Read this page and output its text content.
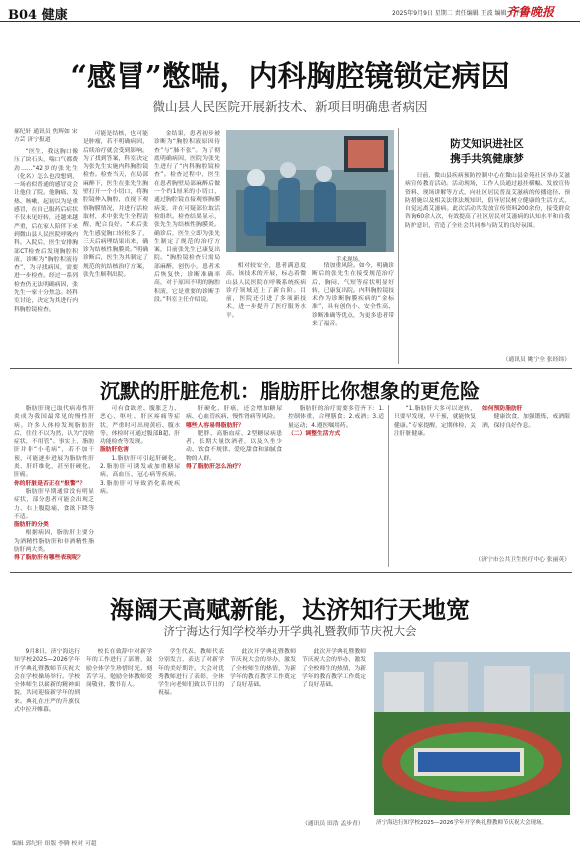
B04 健康	2025年9月9日 星期二 责任编辑 王波 编辑 王子涵
齐鲁晚报
“感冒”憋喘，内科胸腔镜锁定病因
微山县人民医院开展新技术、新项目明确患者病因
郝纪轩 通讯员 焦辉如 宋方芸 济宁报道

“医生，我这胸口像压了块石头，喘口气都费劲……”42岁的张先生（化名）怎么也没想到，一场看似普通的感冒竟会让他住了院。他胸痛、发热、咳嗽，起初以为是重感冒，在自己服药后症状不仅未见好转，还越来越严重，后在家人陪伴下来到微山县人民医院呼吸内科。入院后，医生安排胸部CT检查后发现胸腔积液，诊断为“胸腔积液待查”，为寻找病因，需要进一步检查。经过一系列检查仍无法明确病因，张先生一家十分焦急。经科室讨论，决定为其进行内科胸腔镜检查。

可能是结核，也可能是肿瘤，若不明确病因，后续治疗就会受到影响。为了找到答案，科室决定为张先生实施内科胸腔镜检查。检查当天，在局部麻醉下，医生在张先生胸壁打开一个小切口，将胸腔镜伸入胸腔，直视下观察胸膜情况，并进行活检取材，术中张先生全程清醒，配合良好。“术后张先生感觉胸口轻松多了，三天后病理结果出来，确诊为结核性胸膜炎。”明确诊断后，医生为其制定了规范的抗结核治疗方案，张先生顺利出院。

金结果，患者初步被诊断为“胸腔积液原因待查”与“肺不张”。为了彻底明确病因，医院为张先生进行了“内科胸腔镜检查”。检查过程中，医生在患者胸壁局部麻醉后做一个约1厘米的小切口，通过胸腔镜直接观察胸膜病变，并在可疑部位取活检组织。检查结果显示，张先生为结核性胸膜炎。确诊后，医生立即为张先生制定了规范的治疗方案，目前张先生已康复出院。“胸腔镜检查只需局部麻醉，创伤小，患者术后恢复快，诊断准确率高，对于原因不明的胸腔积液，它是重要的诊断手段。”科室主任介绍说。

手术现场。

相对较安全，患者满意度高。该技术的开展，标志着微山县人民医院在呼吸系统疾病诊疗领域迈上了新台阶。目前，医院还引进了多项新技术，进一步提升了医疗服务水平。

情加重风险。如今，明确诊断后的张先生在接受规范治疗后，胸闷、气短等症状明显好转，已康复出院。内科胸腔镜技术作为诊断胸膜疾病的“金标准”，具有创伤小、安全性高、诊断准确等优点，为更多患者带来了福音。

防艾知识进社区
携手共筑健康梦

日前，微山县疾病预防控制中心在微山县金苑社区举办艾滋病宣传教育活动。活动现场，工作人员通过悬挂横幅、发放宣传资料、现场讲解等方式，向社区居民普及艾滋病的传播途径、预防措施以及相关法律法规知识，倡导居民树立健康的生活方式，自觉远离艾滋病。此次活动共发放宣传资料200余份，接受群众咨询60余人次，有效提高了社区居民对艾滋病的认知水平和自我防护意识，营造了全社会共同参与防艾的良好氛围。

（通讯员 姚宁全 张经纬）
沉默的肝脏危机：脂肪肝比你想象的更危险

脂肪肝现已取代病毒性肝炎成为我国最常见的慢性肝病。许多人体检发现脂肪肝后，往往不以为然，认为“没啥症状，不用管”。事实上，脂肪肝并非“小毛病”，若不加干预，可能逐步进展为脂肪性肝炎、肝纤维化，甚至肝硬化、肝癌。

你的肝脏是否正在“报警”？

脂肪肝早期通常没有明显症状，部分患者可能会出现乏力、右上腹隐痛、食欲下降等不适。

脂肪肝的分类

根据病因，脂肪肝主要分为酒精性脂肪肝和非酒精性脂肪肝两大类。

得了脂肪肝有哪些表现呢？

可有食欲差、腹胀乏力、恶心、呕吐、肝区疼痛等症状，严重时可出现黄疸、腹水等。体检时可通过腹部B超、肝功能检查等发现。

脂肪肝危害

1.脂肪肝可引起肝硬化。2.脂肪肝可诱发或加重糖尿病、高血压、冠心病等疾病。3.脂肪肝可导致消化系统疾病。

肝硬化、肝癌，还会增加糖尿病、心血管疾病、慢性肾病等风险。

哪些人容易得脂肪肝？

肥胖、高脂血症、2型糖尿病患者，长期大量饮酒者，以及久坐少动、饮食不规律、爱吃甜食和油腻食物的人群。

得了脂肪肝怎么治疗？

脂肪肝的治疗需要多管齐下：1.控制体重，合理膳食；2.戒酒；3.适量运动；4.遵医嘱用药。

（二）调整生活方式

“1.脂肪肝大多可以逆转，只要早发现、早干预，就能恢复健康。”专家提醒，定期体检，关注肝脏健康。

如何预防脂肪肝

健康饮食，加强锻炼，戒酒限酒，保持良好作息。

（济宁市公共卫生医疗中心 张丽英）
海阔天高赋新能，达济知行天地宽
济宁海达行知学校举办开学典礼暨教师节庆祝大会

9月8日，济宁海达行知学校2025—2026学年开学典礼暨教师节庆祝大会在学校操场举行。学校全体师生以崭新的精神面貌，共同迎接新学年的到来。典礼在庄严的升旗仪式中拉开帷幕。

校长在致辞中对新学年的工作进行了部署，鼓励全体学生珍惜时光、刻苦学习，勉励全体教师爱岗敬业、教书育人。

学生代表、教师代表分别发言，表达了对新学年的美好期许。大会对优秀教师进行了表彰，全体学生向老师们致以节日的祝福。

此次开学典礼暨教师节庆祝大会的举办，激发了全校师生的热情，为新学年的教育教学工作奠定了良好基础。

此次开学典礼暨教师节庆祝大会的举办，激发了全校师生的热情，为新学年的教育教学工作奠定了良好基础。

（通讯员 田浩 孟步青）	济宁海达行知学校2025—2026学年开学典礼暨教师节庆祝大会现场。
编辑 郭纪轩 组版 李腾 校对 可超
